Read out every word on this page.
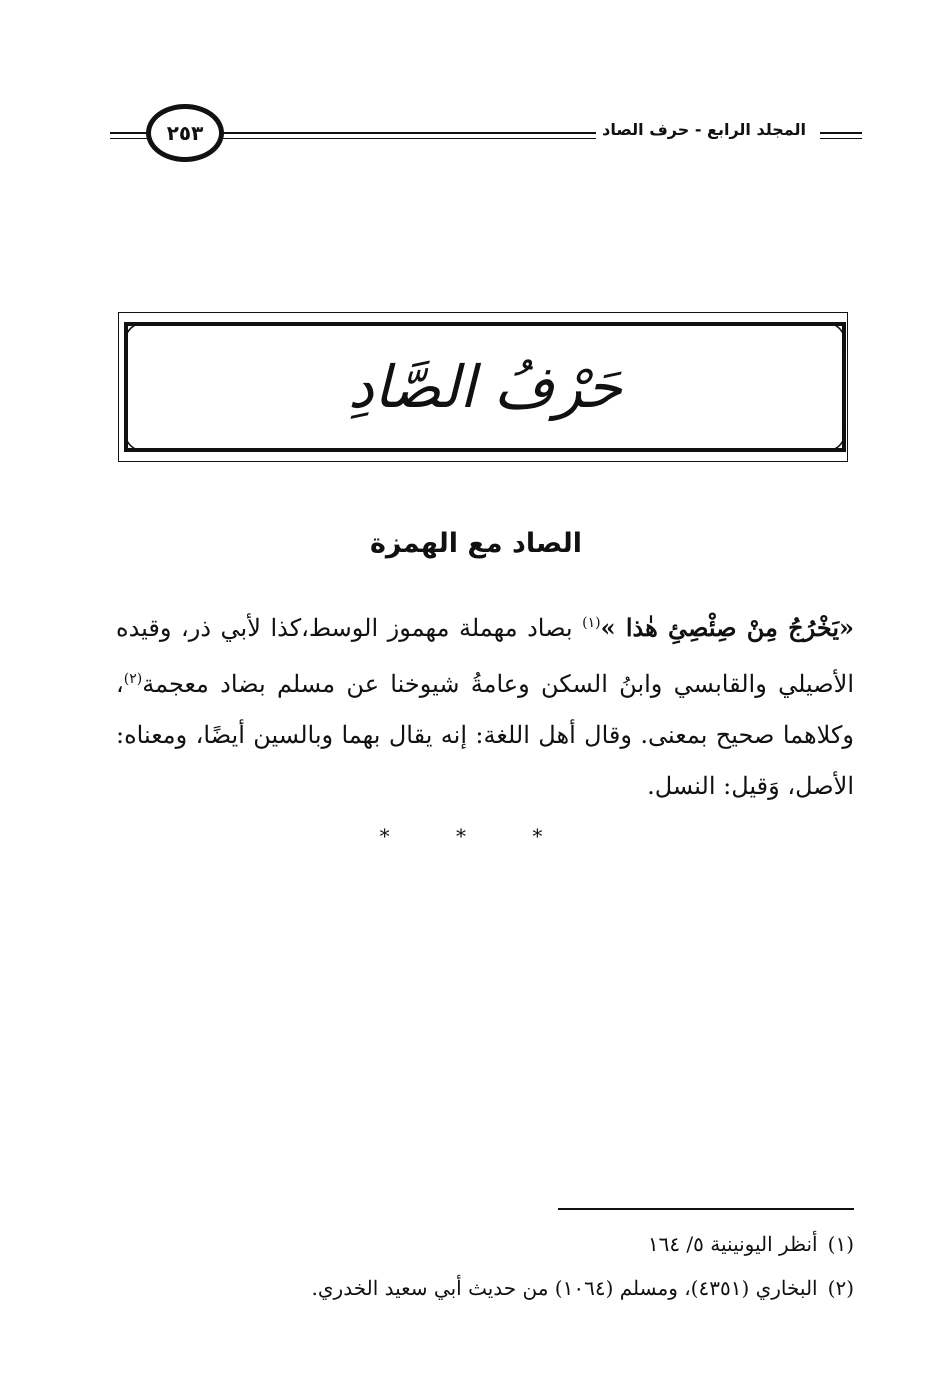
المجلد الرابع - حرف الصاد
٢٥٣
حَرْفُ الصَّادِ
الصاد مع الهمزة
«يَخْرُجُ مِنْ صِئْصِئِ هٰذا »$^{(١)}$ بصاد مهملة مهموز الوسط،كذا لأبي ذر، وقيده الأصيلي والقابسي وابنُ السكن وعامةُ شيوخنا عن مسلم بضاد معجمة$^{(٢)}$، وكلاهما صحيح بمعنى. وقال أهل اللغة: إنه يقال بهما وبالسين أيضًا، ومعناه: الأصل، وَقيل: النسل.
* * *
(١)أنظر اليونينية ٥/ ١٦٤
(٢)البخاري (٤٣٥١)، ومسلم (١٠٦٤) من حديث أبي سعيد الخدري.
